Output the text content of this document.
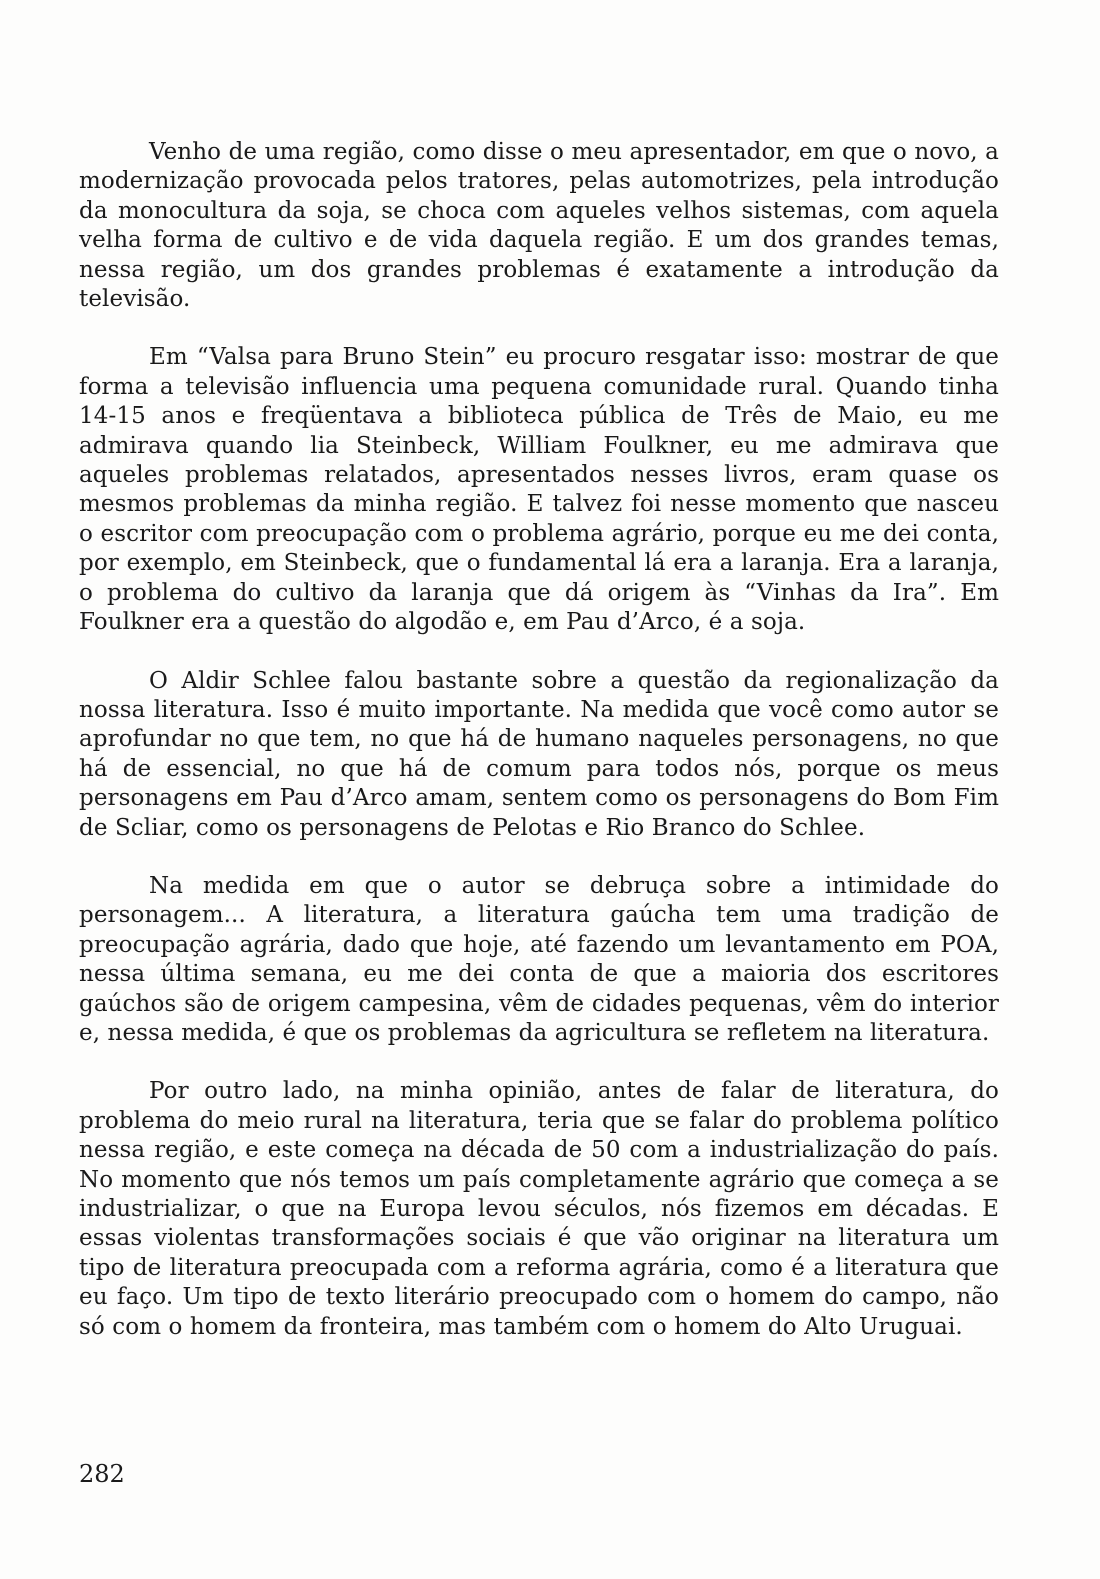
Venho de uma região, como disse o meu apresentador, em que o novo, a modernização provocada pelos tratores, pelas automotrizes, pela introdução da monocultura da soja, se choca com aqueles velhos sistemas, com aquela velha forma de cultivo e de vida daquela região. E um dos grandes temas, nessa região, um dos grandes problemas é exatamente a introdução da televisão.

Em “Valsa para Bruno Stein” eu procuro resgatar isso: mostrar de que forma a televisão influencia uma pequena comunidade rural. Quando tinha 14-15 anos e freqüentava a biblioteca pública de Três de Maio, eu me admirava quando lia Steinbeck, William Foulkner, eu me admirava que aqueles problemas relatados, apresentados nesses livros, eram quase os mesmos problemas da minha região. E talvez foi nesse momento que nasceu o escritor com preocupação com o problema agrário, porque eu me dei conta, por exemplo, em Steinbeck, que o fundamental lá era a laranja. Era a laranja, o problema do cultivo da laranja que dá origem às “Vinhas da Ira”. Em Foulkner era a questão do algodão e, em Pau d’Arco, é a soja.

O Aldir Schlee falou bastante sobre a questão da regionalização da nossa literatura. Isso é muito importante. Na medida que você como autor se aprofundar no que tem, no que há de humano naqueles personagens, no que há de essencial, no que há de comum para todos nós, porque os meus personagens em Pau d’Arco amam, sentem como os personagens do Bom Fim de Scliar, como os personagens de Pelotas e Rio Branco do Schlee.

Na medida em que o autor se debruça sobre a intimidade do personagem... A literatura, a literatura gaúcha tem uma tradição de preocupação agrária, dado que hoje, até fazendo um levantamento em POA, nessa última semana, eu me dei conta de que a maioria dos escritores gaúchos são de origem campesina, vêm de cidades pequenas, vêm do interior e, nessa medida, é que os problemas da agricultura se refletem na literatura.

Por outro lado, na minha opinião, antes de falar de literatura, do problema do meio rural na literatura, teria que se falar do problema político nessa região, e este começa na década de 50 com a industrialização do país. No momento que nós temos um país completamente agrário que começa a se industrializar, o que na Europa levou séculos, nós fizemos em décadas. E essas violentas transformações sociais é que vão originar na literatura um tipo de literatura preocupada com a reforma agrária, como é a literatura que eu faço. Um tipo de texto literário preocupado com o homem do campo, não só com o homem da fronteira, mas também com o homem do Alto Uruguai.

282
